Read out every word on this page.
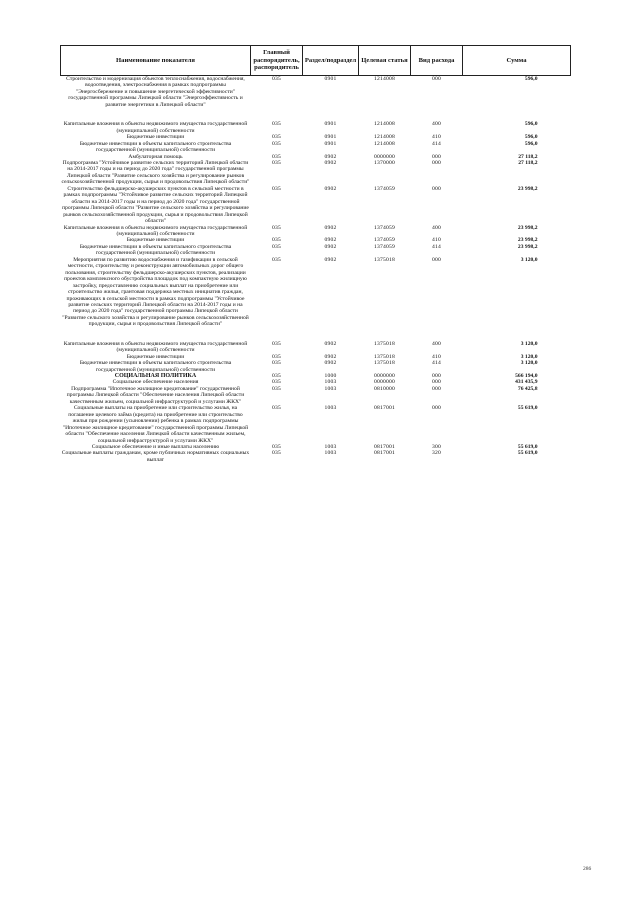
Наименование показателя	Главный распорядитель, распорядитель	Раздел/подраздел	Целевая статья	Вид расхода	Сумма
Строительство и модернизация объектов теплоснабжения, водоснабжения, водоотведения, электроснабжения в рамках подпрограммы "Энергосбережение и повышение энергетической эффективности" государственной программы Липецкой области "Энергоэффективность и развитие энергетики в Липецкой области"	035	0901	1214008	000	596,0
Капитальные вложения в объекты недвижимого имущества государственной (муниципальной) собственности	035	0901	1214008	400	596,0
Бюджетные инвестиции	035	0901	1214008	410	596,0
Бюджетные инвестиции в объекты капитального строительства государственной (муниципальной) собственности	035	0901	1214008	414	596,0
Амбулаторная помощь	035	0902	0000000	000	27 118,2
Подпрограмма "Устойчивое развитие сельских территорий Липецкой области на 2014-2017 годы и на период до 2020 года" государственной программы Липецкой области "Развитие сельского хозяйства и регулирование рынков сельскохозяйственной продукции, сырья и продовольствия Липецкой области"	035	0902	1370000	000	27 118,2
Строительство фельдшерско-акушерских пунктов в сельской местности в рамках подпрограммы "Устойчивое развитие сельских территорий Липецкой области на 2014-2017 годы и на период до 2020 года" государственной программы Липецкой области "Развитие сельского хозяйства и регулирование рынков сельскохозяйственной продукции, сырья и продовольствия Липецкой области"	035	0902	1374059	000	23 998,2
Капитальные вложения в объекты недвижимого имущества государственной (муниципальной) собственности	035	0902	1374059	400	23 998,2
Бюджетные инвестиции	035	0902	1374059	410	23 998,2
Бюджетные инвестиции в объекты капитального строительства государственной (муниципальной) собственности	035	0902	1374059	414	23 998,2
Мероприятия по развитию водоснабжения и газификации в сельской местности, строительству и реконструкции автомобильных дорог общего пользования, строительству фельдшерско-акушерских пунктов, реализации проектов комплексного обустройства площадок под компактную жилищную застройку, предоставлению социальных выплат на приобретение или строительство жилья, грантовая поддержка местных инициатив граждан, проживающих в сельской местности в рамках подпрограммы "Устойчивое развитие сельских территорий Липецкой области на 2014-2017 годы и на период до 2020 года" государственной программы Липецкой области "Развитие сельского хозяйства и регулирование рынков сельскохозяйственной продукции, сырья и продовольствия Липецкой области"	035	0902	1375018	000	3 120,0
Капитальные вложения в объекты недвижимого имущества государственной (муниципальной) собственности	035	0902	1375018	400	3 120,0
Бюджетные инвестиции	035	0902	1375018	410	3 120,0
Бюджетные инвестиции в объекты капитального строительства государственной (муниципальной) собственности	035	0902	1375018	414	3 120,0
СОЦИАЛЬНАЯ ПОЛИТИКА	035	1000	0000000	000	566 194,0
Социальное обеспечение населения	035	1003	0000000	000	431 435,9
Подпрограмма "Ипотечное жилищное кредитование" государственной программы Липецкой области "Обеспечение населения Липецкой области качественным жильем, социальной инфраструктурой и услугами ЖКХ"	035	1003	0810000	000	76 425,8
Социальные выплаты на приобретение или строительство жилья, на погашение целевого займа (кредита) на приобретение или строительство жилья при рождении (усыновлении) ребенка в рамках подпрограммы "Ипотечное жилищное кредитование" государственной программы Липецкой области "Обеспечение населения Липецкой области качественным жильем, социальной инфраструктурой и услугами ЖКХ"	035	1003	0817001	000	55 619,0
Социальное обеспечение и иные выплаты населению	035	1003	0817001	300	55 619,0
Социальные выплаты гражданам, кроме публичных нормативных социальных выплат	035	1003	0817001	320	55 619,0
286
